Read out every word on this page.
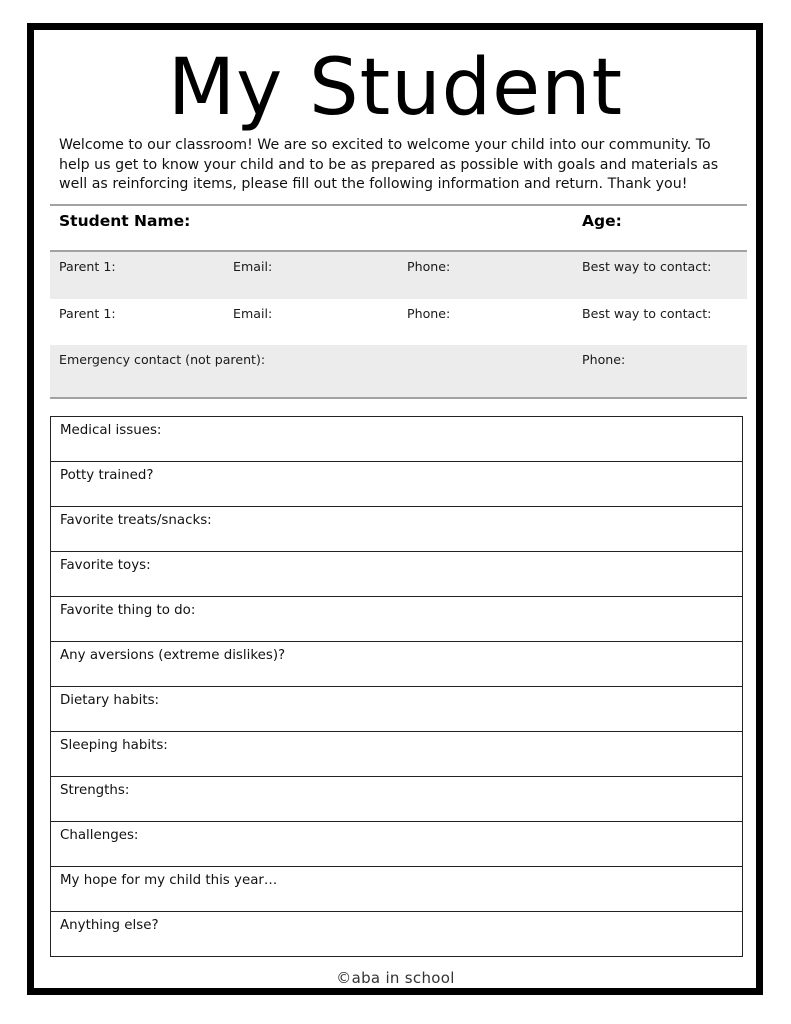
My Student
Welcome to our classroom! We are so excited to welcome your child into our community. To help us get to know your child and to be as prepared as possible with goals and materials as well as reinforcing items, please fill out the following information and return. Thank you!
Student Name:	Age:
Parent 1:	Email:	Phone:	Best way to contact:
Parent 1:	Email:	Phone:	Best way to contact:
Emergency contact (not parent):	Phone:
Medical issues:
Potty trained?
Favorite treats/snacks:
Favorite toys:
Favorite thing to do:
Any aversions (extreme dislikes)?
Dietary habits:
Sleeping habits:
Strengths:
Challenges:
My hope for my child this year…
Anything else?
©aba in school
